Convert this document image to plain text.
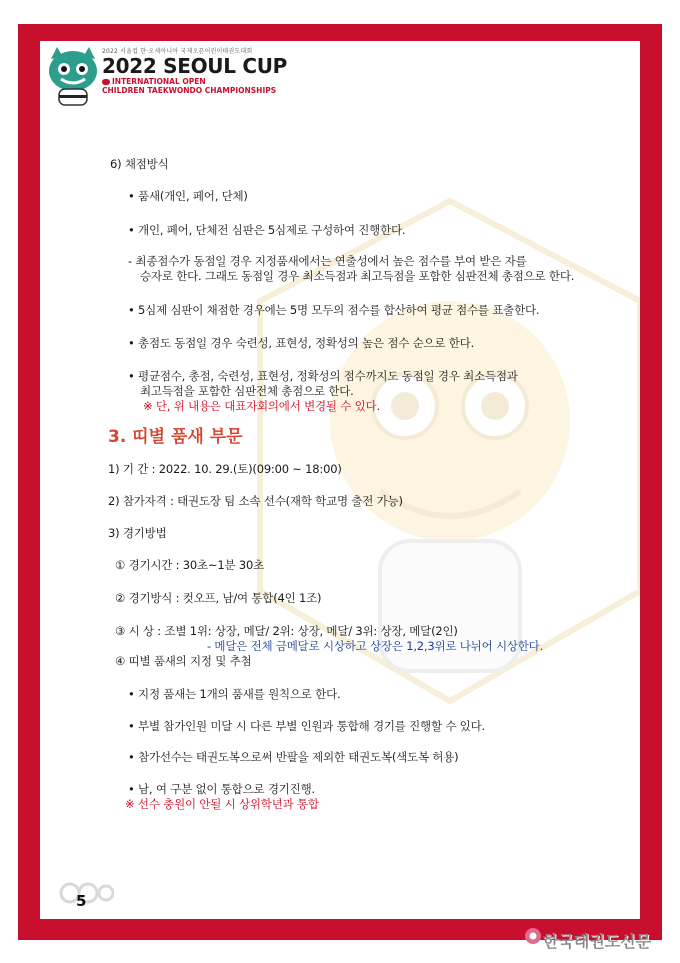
2022 서울컵 한·오세아니아 국제오픈어린이태권도대회
2022 SEOUL CUP
INTERNATIONAL OPEN
CHILDREN TAEKWONDO CHAMPIONSHIPS
6) 채점방식
• 품새(개인, 페어, 단체)
• 개인, 페어, 단체전 심판은 5심제로 구성하여 진행한다.
- 최종점수가 동점일 경우 지정품새에서는 연출성에서 높은 점수를 부여 받은 자를
승자로 한다. 그래도 동점일 경우 최소득점과 최고득점을 포함한 심판전체 총점으로 한다.
• 5심제 심판이 채점한 경우에는 5명 모두의 점수를 합산하여 평균 점수를 표출한다.
• 총점도 동점일 경우 숙련성, 표현성, 정확성의 높은 점수 순으로 한다.
• 평균점수, 총점, 숙련성, 표현성, 정확성의 점수까지도 동점일 경우 최소득점과
최고득점을 포함한 심판전체 총점으로 한다.
※ 단, 위 내용은 대표자회의에서 변경될 수 있다.
3. 띠별 품새 부문
1) 기 간 : 2022. 10. 29.(토)(09:00 ~ 18:00)
2) 참가자격 : 태권도장 팀 소속 선수(재학 학교명 출전 가능)
3) 경기방법
① 경기시간 : 30초~1분 30초
② 경기방식 : 컷오프, 남/여 통합(4인 1조)
③ 시 상 : 조별 1위: 상장, 메달/ 2위: 상장, 메달/ 3위: 상장, 메달(2인)
- 메달은 전체 금메달로 시상하고 상장은 1,2,3위로 나뉘어 시상한다.
④ 띠별 품새의 지정 및 추첨
• 지정 품새는 1개의 품새를 원칙으로 한다.
• 부별 참가인원 미달 시 다른 부별 인원과 통합해 경기를 진행할 수 있다.
• 참가선수는 태권도복으로써 반팔을 제외한 태권도복(색도복 허용)
• 남, 여 구분 없이 통합으로 경기진행.
※ 선수 충원이 안될 시 상위학년과 통합
5
한국태권도신문
